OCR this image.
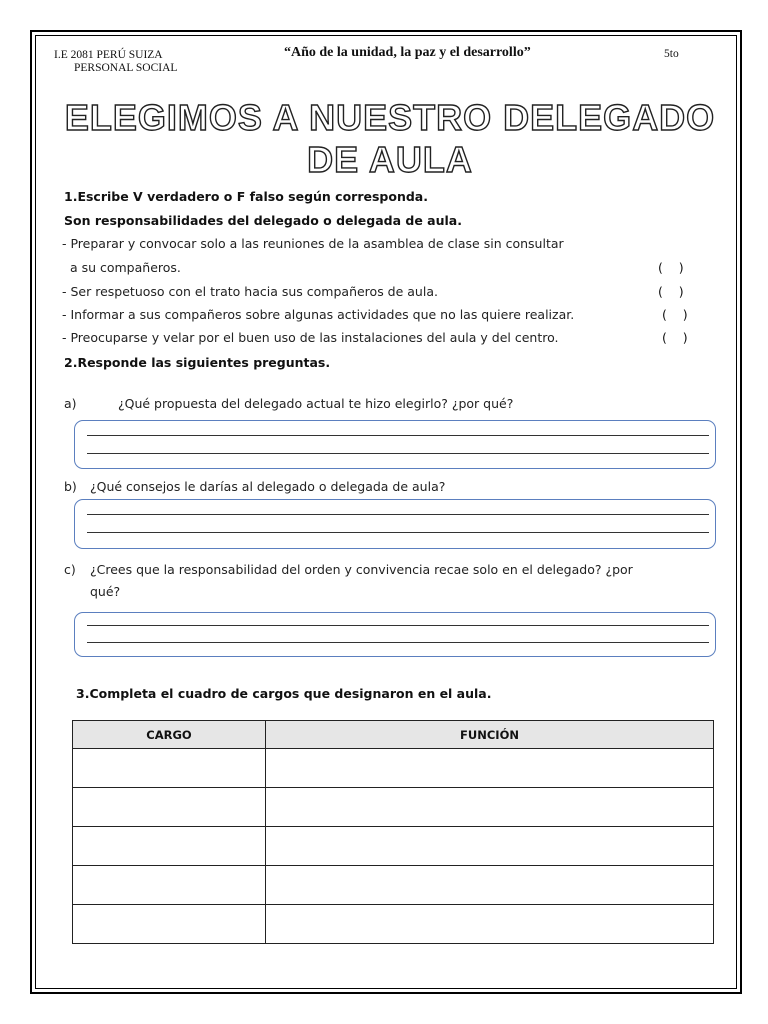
I.E 2081 PERÚ SUIZA
PERSONAL SOCIAL
“Año de la unidad, la paz y el desarrollo”	5to
ELEGIMOS A NUESTRO DELEGADO
DE AULA
1.Escribe V verdadero o F falso según corresponda.
Son responsabilidades del delegado o delegada de aula.
- Preparar y convocar solo a las reuniones de la asamblea de clase sin consultar
a su compañeros.	(    )
- Ser respetuoso con el trato hacia sus compañeros de aula.	(    )
- Informar a sus compañeros sobre algunas actividades que no las quiere realizar.	(    )
- Preocuparse y velar por el buen uso de las instalaciones del aula y del centro.	(    )
2.Responde las siguientes preguntas.
a)	¿Qué propuesta del delegado actual te hizo elegirlo? ¿por qué?
b) ¿Qué consejos le darías al delegado o delegada de aula?
c) ¿Crees que la responsabilidad del orden y convivencia recae solo en el delegado? ¿por
qué?
3.Completa el cuadro de cargos que designaron en el aula.
CARGO	FUNCIÓN
